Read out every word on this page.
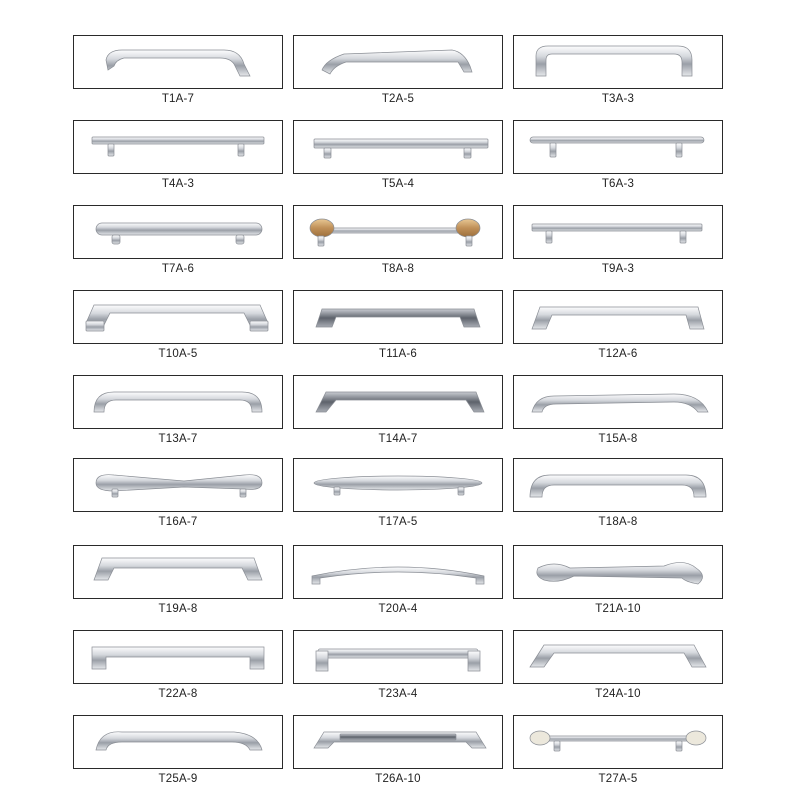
T1A-7	T2A-5	T3A-3
T4A-3	T5A-4	T6A-3
T7A-6	T8A-8	T9A-3
T10A-5	T11A-6	T12A-6
T13A-7	T14A-7	T15A-8
T16A-7	T17A-5	T18A-8
T19A-8	T20A-4	T21A-10
T22A-8	T23A-4	T24A-10
T25A-9	T26A-10	T27A-5
